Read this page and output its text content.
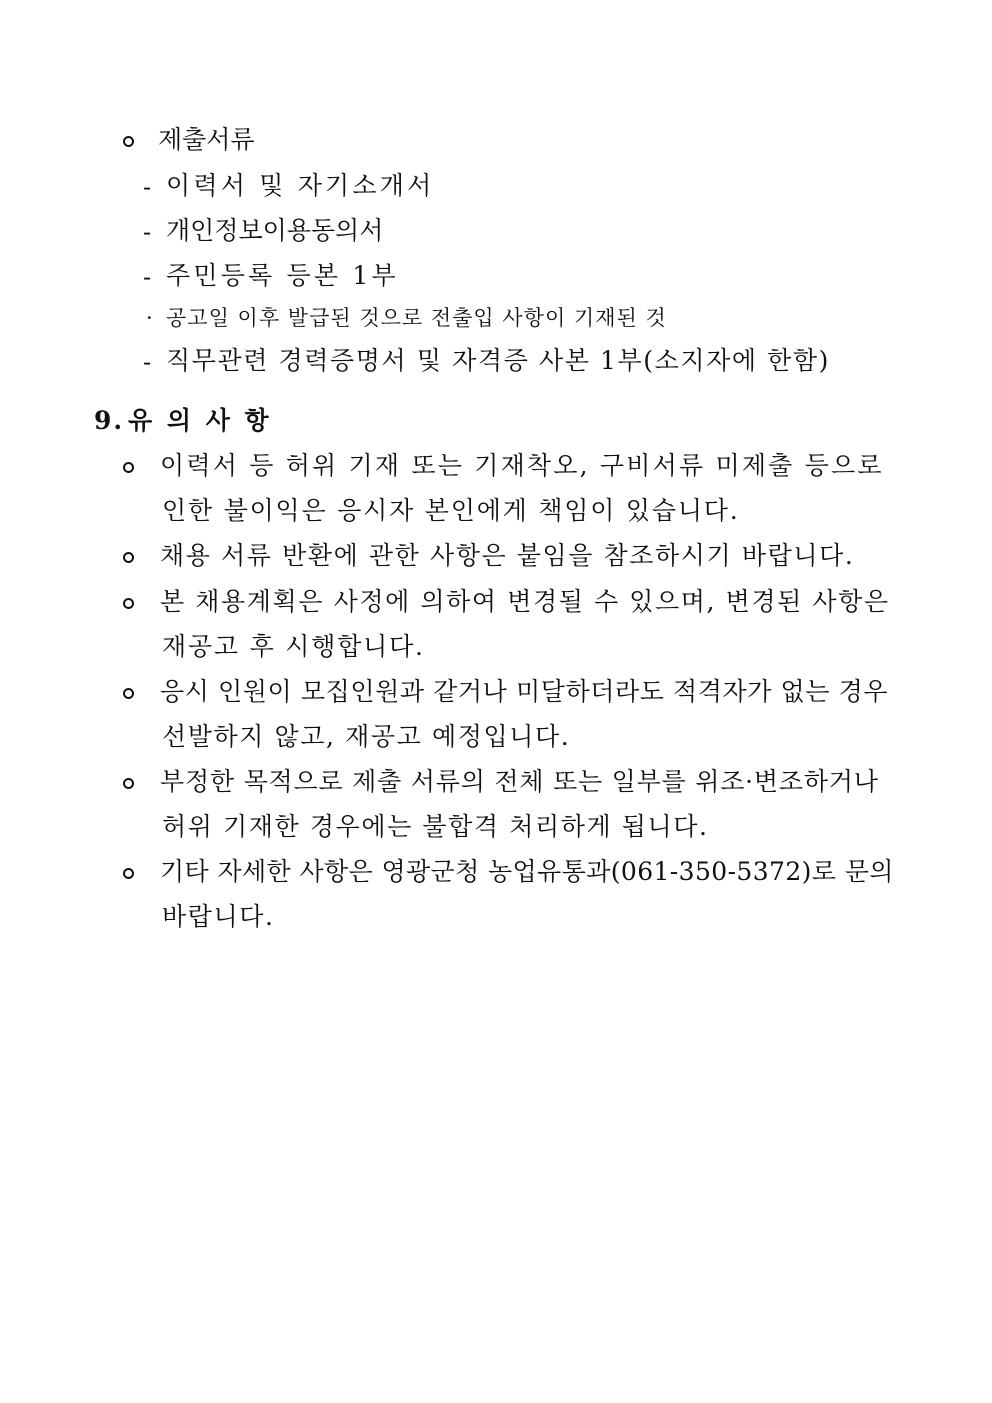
제출서류
- 이력서 및 자기소개서
- 개인정보이용동의서
- 주민등록 등본 1부
· 공고일 이후 발급된 것으로 전출입 사항이 기재된 것
- 직무관련 경력증명서 및 자격증 사본 1부(소지자에 한함)
9. 유 의 사 항
이력서 등 허위 기재 또는 기재착오, 구비서류 미제출 등으로
인한 불이익은 응시자 본인에게 책임이 있습니다.
채용 서류 반환에 관한 사항은 붙임을 참조하시기 바랍니다.
본 채용계획은 사정에 의하여 변경될 수 있으며, 변경된 사항은
재공고 후 시행합니다.
응시 인원이 모집인원과 같거나 미달하더라도 적격자가 없는 경우
선발하지 않고, 재공고 예정입니다.
부정한 목적으로 제출 서류의 전체 또는 일부를 위조·변조하거나
허위 기재한 경우에는 불합격 처리하게 됩니다.
기타 자세한 사항은 영광군청 농업유통과(061-350-5372)로 문의
바랍니다.
